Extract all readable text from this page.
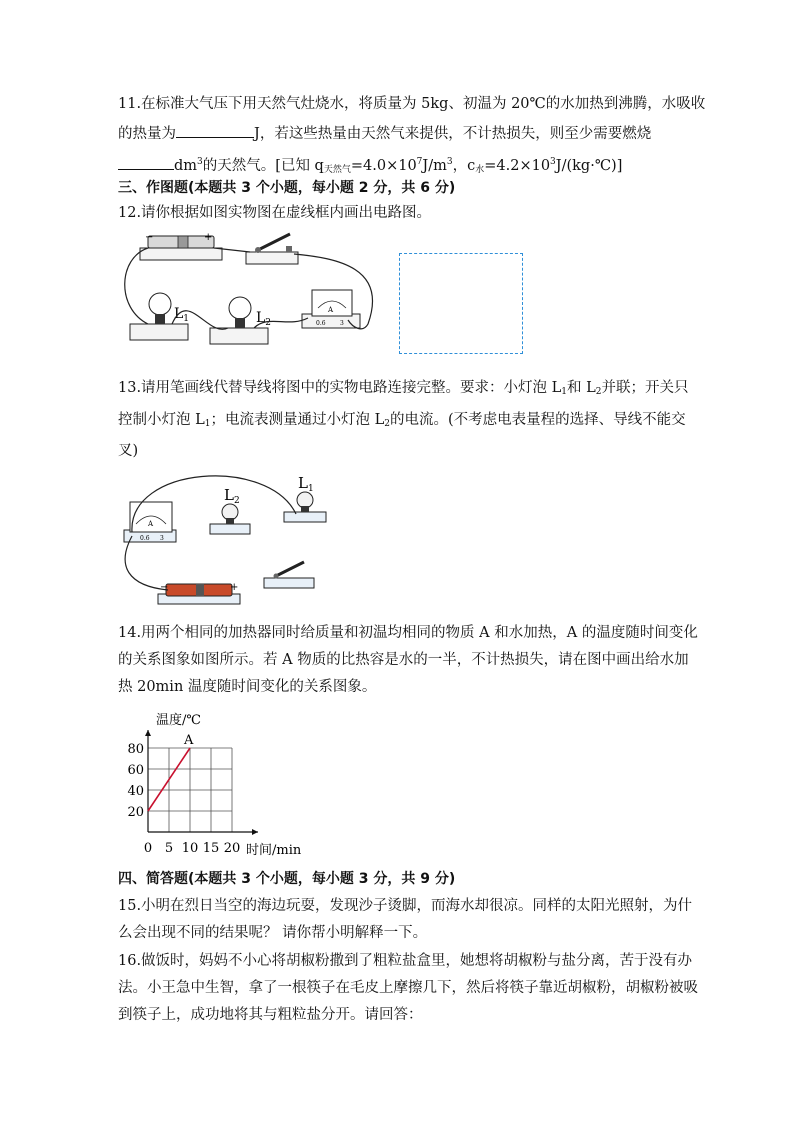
11.在标准大气压下用天然气灶烧水，将质量为 5kg、初温为 20℃的水加热到沸腾，水吸收
的热量为	J，若这些热量由天然气来提供，不计热损失，则至少需要燃烧
$dm^3$的天然气。[已知 $q_{天然气}=4.0\times 10^7J/m^3$，$c_水=4.2\times 10^3J/(kg\cdot℃)$]
三、作图题(本题共 3 个小题，每小题 2 分，共 6 分)
12.请你根据如图实物图在虚线框内画出电路图。
−	+
$L_1$	$L_2$
A
0.6 3
13.请用笔画线代替导线将图中的实物电路连接完整。要求：小灯泡 $L_1$和 $L_2$并联；开关只
控制小灯泡 $L_1$；电流表测量通过小灯泡 $L_2$的电流。(不考虑电表量程的选择、导线不能交
叉)
A
0.6 3
$L_2$
$L_1$
−	+
14.用两个相同的加热器同时给质量和初温均相同的物质 A 和水加热，A 的温度随时间变化
的关系图象如图所示。若 A 物质的比热容是水的一半，不计热损失，请在图中画出给水加
热 20min 温度随时间变化的关系图象。
0 5 10 15 20
20
40
60
80
温度/℃
时间/min
A
四、简答题(本题共 3 个小题，每小题 3 分，共 9 分)
15.小明在烈日当空的海边玩耍，发现沙子烫脚，而海水却很凉。同样的太阳光照射，为什
么会出现不同的结果呢？ 请你帮小明解释一下。
16.做饭时，妈妈不小心将胡椒粉撒到了粗粒盐盒里，她想将胡椒粉与盐分离，苦于没有办
法。小王急中生智，拿了一根筷子在毛皮上摩擦几下，然后将筷子靠近胡椒粉，胡椒粉被吸
到筷子上，成功地将其与粗粒盐分开。请回答：
